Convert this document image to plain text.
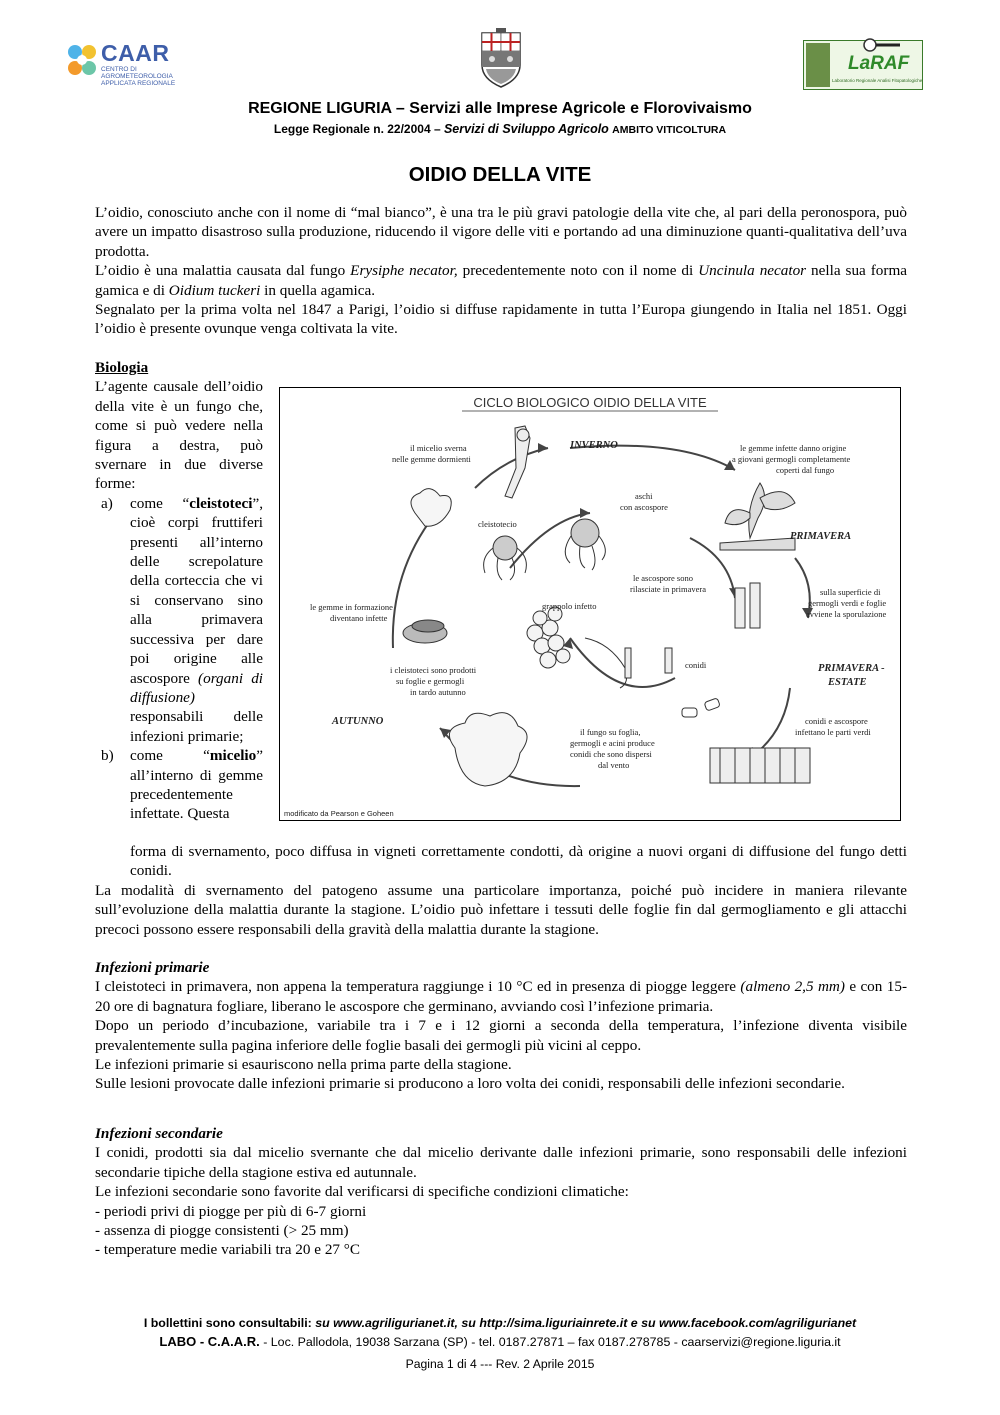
CAAR
CENTRO DI
AGROMETEOROLOGIA
APPLICATA REGIONALE
LaRAF
Laboratorio Regionale Analisi Fitopatologiche
REGIONE LIGURIA – Servizi alle Imprese Agricole e Florovivaismo
Legge Regionale n. 22/2004 – Servizi di Sviluppo Agricolo AMBITO VITICOLTURA
OIDIO DELLA VITE

L’oidio, conosciuto anche con il nome di “mal bianco”, è una tra le più gravi patologie della vite che, al pari della peronospora, può avere un impatto disastroso sulla produzione, riducendo il vigore delle viti e portando ad una diminuzione quanti-qualitativa dell’uva prodotta.

L’oidio è una malattia causata dal fungo Erysiphe necator, precedentemente noto con il nome di Uncinula necator nella sua forma gamica e di Oidium tuckeri in quella agamica.

Segnalato per la prima volta nel 1847 a Parigi, l’oidio si diffuse rapidamente in tutta l’Europa giungendo in Italia nel 1851. Oggi l’oidio è presente ovunque venga coltivata la vite.

Biologia
L’agente causale dell’oidio della vite è un fungo che, come si può vedere nella figura a destra, può svernare in due diverse forme:
a) come “cleistoteci”, cioè corpi fruttiferi presenti all’interno delle screpolature della corteccia che vi si conservano sino alla primavera successiva per dare poi origine alle ascospore (organi di diffusione) responsabili delle infezioni primarie;
b) come “micelio” all’interno di gemme precedentemente infettate. Questa
CICLO BIOLOGICO OIDIO DELLA VITE
INVERNO
PRIMAVERA
PRIMAVERA -
ESTATE
AUTUNNO
il micelio sverna
nelle gemme dormienti
le gemme infette danno origine
a giovani germogli completamente
coperti dal fungo
aschi
con ascospore
cleistotecio
le ascospore sono
rilasciate in primavera	sulla superficie di
germogli verdi e foglie
avviene la sporulazione
le gemme in formazione
diventano infette
grappolo infetto
conidi
i cleistoteci sono prodotti
su foglie e germogli
in tardo autunno
conidi e ascospore
infettano le parti verdi
il fungo su foglia,
germogli e acini produce
conidi che sono dispersi
dal vento
modificato da Pearson e Goheen

forma di svernamento, poco diffusa in vigneti correttamente condotti, dà origine a nuovi organi di diffusione del fungo detti conidi.

La modalità di svernamento del patogeno assume una particolare importanza, poiché può incidere in maniera rilevante sull’evoluzione della malattia durante la stagione. L’oidio può infettare i tessuti delle foglie fin dal germogliamento e gli attacchi precoci possono essere responsabili della gravità della malattia durante la stagione.

Infezioni primarie

I cleistoteci in primavera, non appena la temperatura raggiunge i 10 °C ed in presenza di piogge leggere (almeno 2,5 mm) e con 15-20 ore di bagnatura fogliare, liberano le ascospore che germinano, avviando così l’infezione primaria.

Dopo un periodo d’incubazione, variabile tra i 7 e i 12 giorni a seconda della temperatura, l’infezione diventa visibile prevalentemente sulla pagina inferiore delle foglie basali dei germogli più vicini al ceppo.

Le infezioni primarie si esauriscono nella prima parte della stagione.

Sulle lesioni provocate dalle infezioni primarie si producono a loro volta dei conidi, responsabili delle infezioni secondarie.

Infezioni secondarie

I conidi, prodotti sia dal micelio svernante che dal micelio derivante dalle infezioni primarie, sono responsabili delle infezioni secondarie tipiche della stagione estiva ed autunnale.

Le infezioni secondarie sono favorite dal verificarsi di specifiche condizioni climatiche:

- periodi privi di piogge per più di 6-7 giorni

- assenza di piogge consistenti (> 25 mm)

- temperature medie variabili tra 20 e 27 °C

I bollettini sono consultabili: su www.agriligurianet.it, su http://sima.liguriainrete.it e su www.facebook.com/agriligurianet
LABO - C.A.A.R. - Loc. Pallodola, 19038 Sarzana (SP) - tel. 0187.27871 – fax 0187.278785 - caarservizi@regione.liguria.it
Pagina 1 di 4 --- Rev. 2 Aprile 2015
